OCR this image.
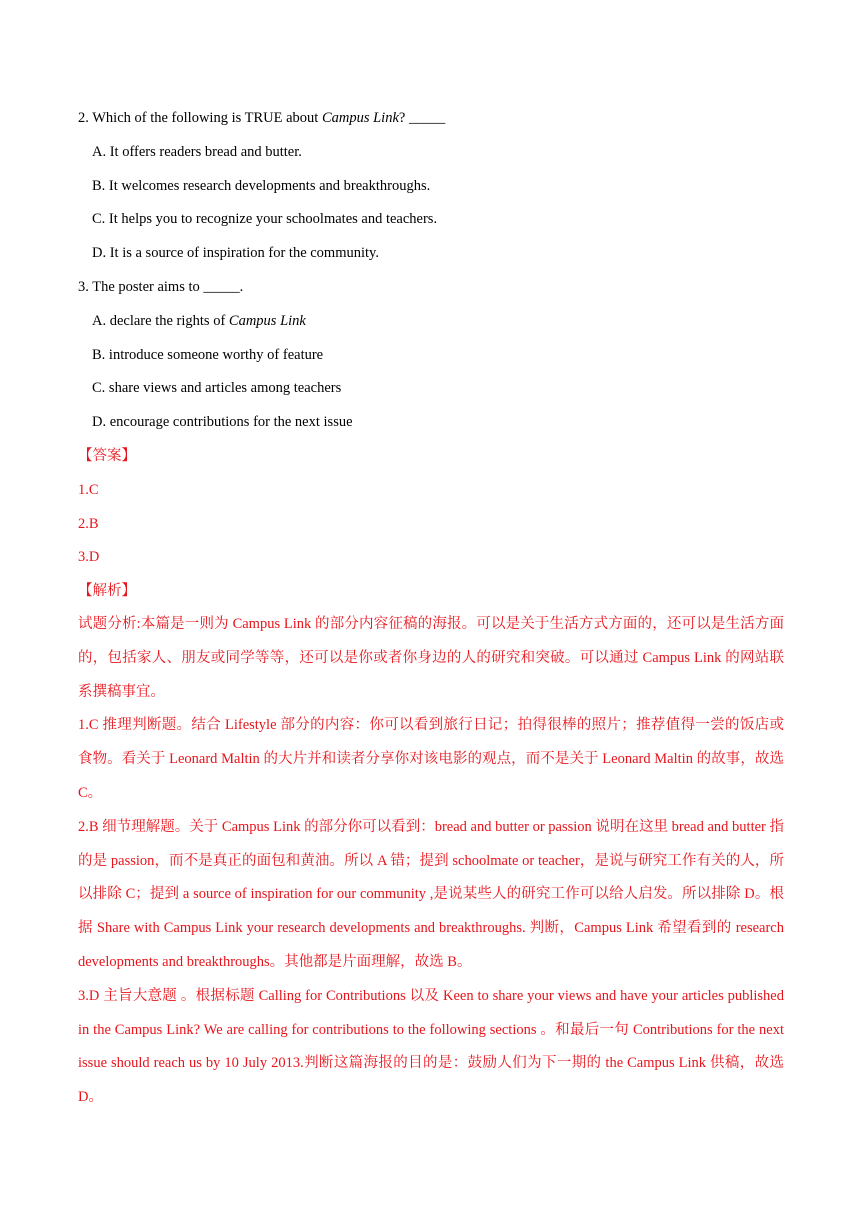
2. Which of the following is TRUE about Campus Link? _____
A. It offers readers bread and butter.
B. It welcomes research developments and breakthroughs.
C. It helps you to recognize your schoolmates and teachers.
D. It is a source of inspiration for the community.
3. The poster aims to _____.
A. declare the rights of Campus Link
B. introduce someone worthy of feature
C. share views and articles among teachers
D. encourage contributions for the next issue
【答案】
1.C
2.B
3.D
【解析】

试题分析:本篇是一则为 Campus Link 的部分内容征稿的海报。可以是关于生活方式方面的，还可以是生活方面的，包括家人、朋友或同学等等，还可以是你或者你身边的人的研究和突破。可以通过 Campus Link 的网站联系撰稿事宜。

1.C 推理判断题。结合 Lifestyle 部分的内容：你可以看到旅行日记；拍得很棒的照片；推荐值得一尝的饭店或食物。看关于 Leonard Maltin 的大片并和读者分享你对该电影的观点，而不是关于 Leonard Maltin 的故事，故选 C。

2.B 细节理解题。关于 Campus Link 的部分你可以看到：bread and butter or passion 说明在这里 bread and butter 指的是 passion，而不是真正的面包和黄油。所以 A 错；提到 schoolmate or teacher，是说与研究工作有关的人，所以排除 C；提到 a source of inspiration for our community ,是说某些人的研究工作可以给人启发。所以排除 D。根据 Share with Campus Link your research developments and breakthroughs. 判断，Campus Link 希望看到的 research developments and breakthroughs。其他都是片面理解，故选 B。

3.D 主旨大意题 。根据标题 Calling for Contributions 以及 Keen to share your views and have your articles published in the Campus Link? We are calling for contributions to the following sections 。和最后一句 Contributions for the next issue should reach us by 10 July 2013.判断这篇海报的目的是：鼓励人们为下一期的 the Campus Link 供稿，故选 D。
